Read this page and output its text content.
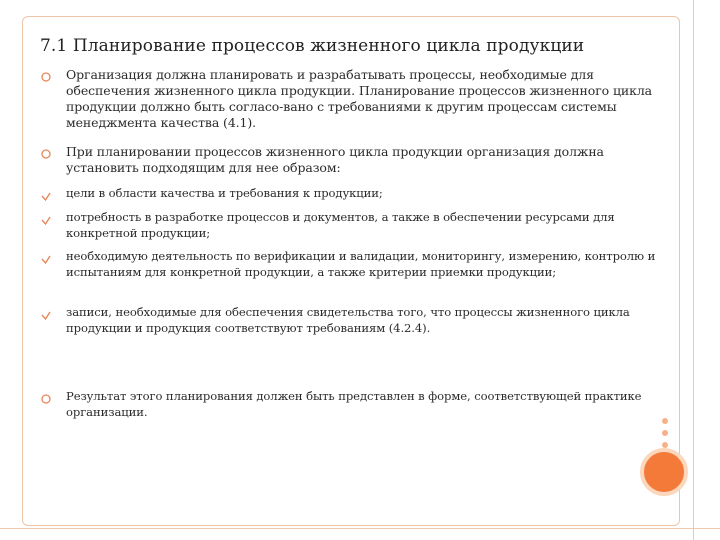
7.1 Планирование процессов жизненного цикла продукции
Организация должна планировать и разрабатывать процессы, необходимые для обеспечения жизненного цикла продукции. Планирование процессов жизненного цикла продукции должно быть согласо-вано с требованиями к другим процессам системы менеджмента качества (4.1).
При планировании процессов жизненного цикла продукции организация должна установить подходящим для нее образом:
цели в области качества и требования к продукции;
потребность в разработке процессов и документов, а также в обеспечении ресурсами для конкретной продукции;
необходимую деятельность по верификации и валидации, мониторингу, измерению, контролю и испытаниям для конкретной продукции, а также критерии приемки продукции;
записи, необходимые для обеспечения свидетельства того, что процессы жизненного цикла продукции и продукция соответствуют требованиям (4.2.4).
Результат этого планирования должен быть представлен в форме, соответствующей практике организации.
